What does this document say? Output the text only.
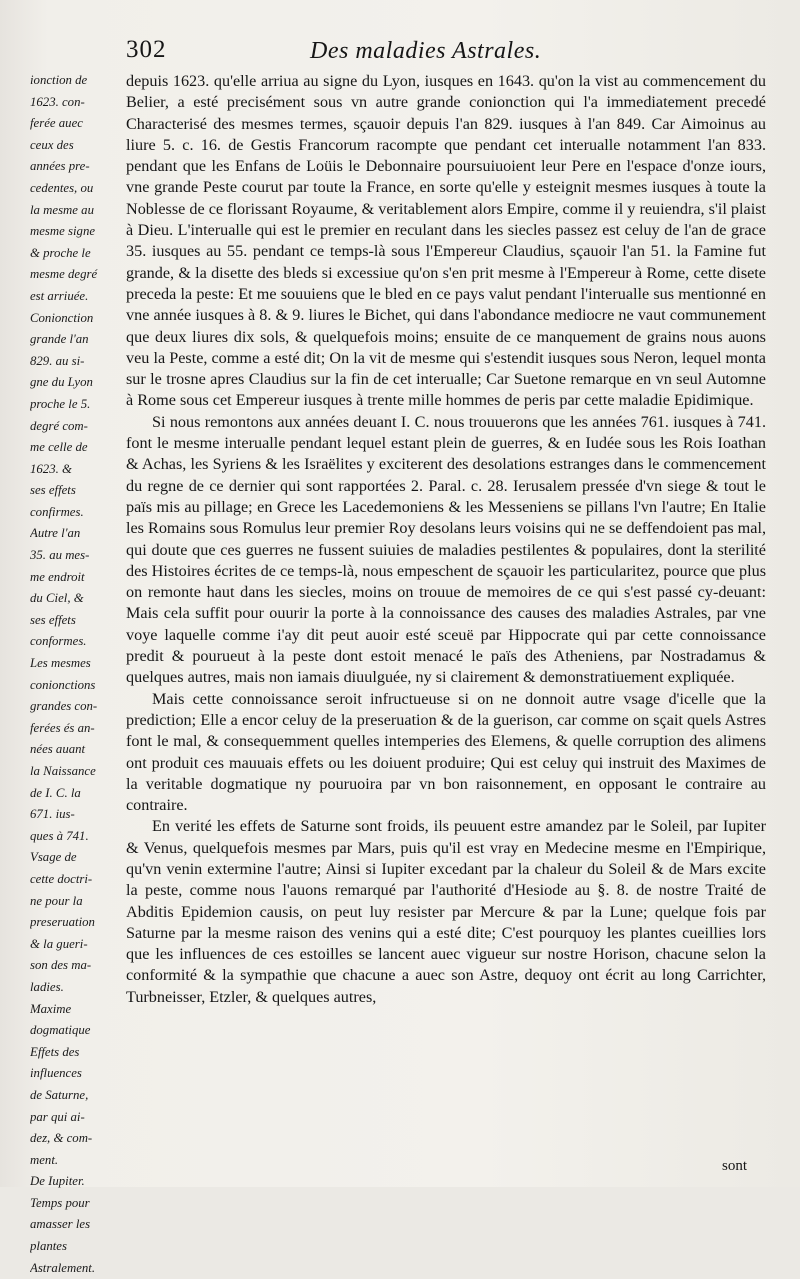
302	Des maladies Astrales.
ionction de
1623. con-
ferée auec
ceux des
années pre-
cedentes, ou
la mesme au
mesme signe
& proche le
mesme degré
est arriuée.
Conionction
grande l'an
829. au si-
gne du Lyon
proche le 5.
degré com-
me celle de
1623. &
ses effets
confirmes.
Autre l'an
35. au mes-
me endroit
du Ciel, &
ses effets
conformes.
Les mesmes
conionctions
grandes con-
ferées és an-
nées auant
la Naissance
de I. C. la
671. ius-
ques à 741.
Vsage de
cette doctri-
ne pour la
preseruation
& la gueri-
son des ma-
ladies.
Maxime
dogmatique
Effets des
influences
de Saturne,
par qui ai-
dez, & com-
ment.
De Iupiter.
Temps pour
amasser les
plantes
Astralement.

depuis 1623. qu'elle arriua au signe du Lyon, iusques en 1643. qu'on la vist au commencement du Belier, a esté precisément sous vn autre grande conionction qui l'a immediatement precedé Characterisé des mesmes termes, sçauoir depuis l'an 829. iusques à l'an 849. Car Aimoinus au liure 5. c. 16. de Gestis Francorum racompte que pendant cet interualle notamment l'an 833. pendant que les Enfans de Loüis le Debonnaire poursuiuoient leur Pere en l'espace d'onze iours, vne grande Peste courut par toute la France, en sorte qu'elle y esteignit mesmes iusques à toute la Noblesse de ce florissant Royaume, & veritablement alors Empire, comme il y reuiendra, s'il plaist à Dieu. L'interualle qui est le premier en reculant dans les siecles passez est celuy de l'an de grace 35. iusques au 55. pendant ce temps-là sous l'Empereur Claudius, sçauoir l'an 51. la Famine fut grande, & la disette des bleds si excessiue qu'on s'en prit mesme à l'Empereur à Rome, cette disete preceda la peste: Et me souuiens que le bled en ce pays valut pendant l'interualle sus mentionné en vne année iusques à 8. & 9. liures le Bichet, qui dans l'abondance mediocre ne vaut communement que deux liures dix sols, & quelquefois moins; ensuite de ce manquement de grains nous auons veu la Peste, comme a esté dit; On la vit de mesme qui s'estendit iusques sous Neron, lequel monta sur le trosne apres Claudius sur la fin de cet interualle; Car Suetone remarque en vn seul Automne à Rome sous cet Empereur iusques à trente mille hommes de peris par cette maladie Epidimique.

Si nous remontons aux années deuant I. C. nous trouuerons que les années 761. iusques à 741. font le mesme interualle pendant lequel estant plein de guerres, & en Iudée sous les Rois Ioathan & Achas, les Syriens & les Israëlites y exciterent des desolations estranges dans le commencement du regne de ce dernier qui sont rapportées 2. Paral. c. 28. Ierusalem pressée d'vn siege & tout le païs mis au pillage; en Grece les Lacedemoniens & les Messeniens se pillans l'vn l'autre; En Italie les Romains sous Romulus leur premier Roy desolans leurs voisins qui ne se deffendoient pas mal, qui doute que ces guerres ne fussent suiuies de maladies pestilentes & populaires, dont la sterilité des Histoires écrites de ce temps-là, nous empeschent de sçauoir les particularitez, pource que plus on remonte haut dans les siecles, moins on trouue de memoires de ce qui s'est passé cy-deuant: Mais cela suffit pour ouurir la porte à la connoissance des causes des maladies Astrales, par vne voye laquelle comme i'ay dit peut auoir esté sceuë par Hippocrate qui par cette connoissance predit & pourueut à la peste dont estoit menacé le païs des Atheniens, par Nostradamus & quelques autres, mais non iamais diuulguée, ny si clairement & demonstratiuement expliquée.

Mais cette connoissance seroit infructueuse si on ne donnoit autre vsage d'icelle que la prediction; Elle a encor celuy de la preseruation & de la guerison, car comme on sçait quels Astres font le mal, & consequemment quelles intemperies des Elemens, & quelle corruption des alimens ont produit ces mauuais effets ou les doiuent produire; Qui est celuy qui instruit des Maximes de la veritable dogmatique ny pouruoira par vn bon raisonnement, en opposant le contraire au contraire.

En verité les effets de Saturne sont froids, ils peuuent estre amandez par le Soleil, par Iupiter & Venus, quelquefois mesmes par Mars, puis qu'il est vray en Medecine mesme en l'Empirique, qu'vn venin extermine l'autre; Ainsi si Iupiter excedant par la chaleur du Soleil & de Mars excite la peste, comme nous l'auons remarqué par l'authorité d'Hesiode au §. 8. de nostre Traité de Abditis Epidemion causis, on peut luy resister par Mercure & par la Lune; quelque fois par Saturne par la mesme raison des venins qui a esté dite; C'est pourquoy les plantes cueillies lors que les influences de ces estoilles se lancent auec vigueur sur nostre Horison, chacune selon la conformité & la sympathie que chacune a auec son Astre, dequoy ont écrit au long Carrichter, Turbneisser, Etzler, & quelques autres,

sont
